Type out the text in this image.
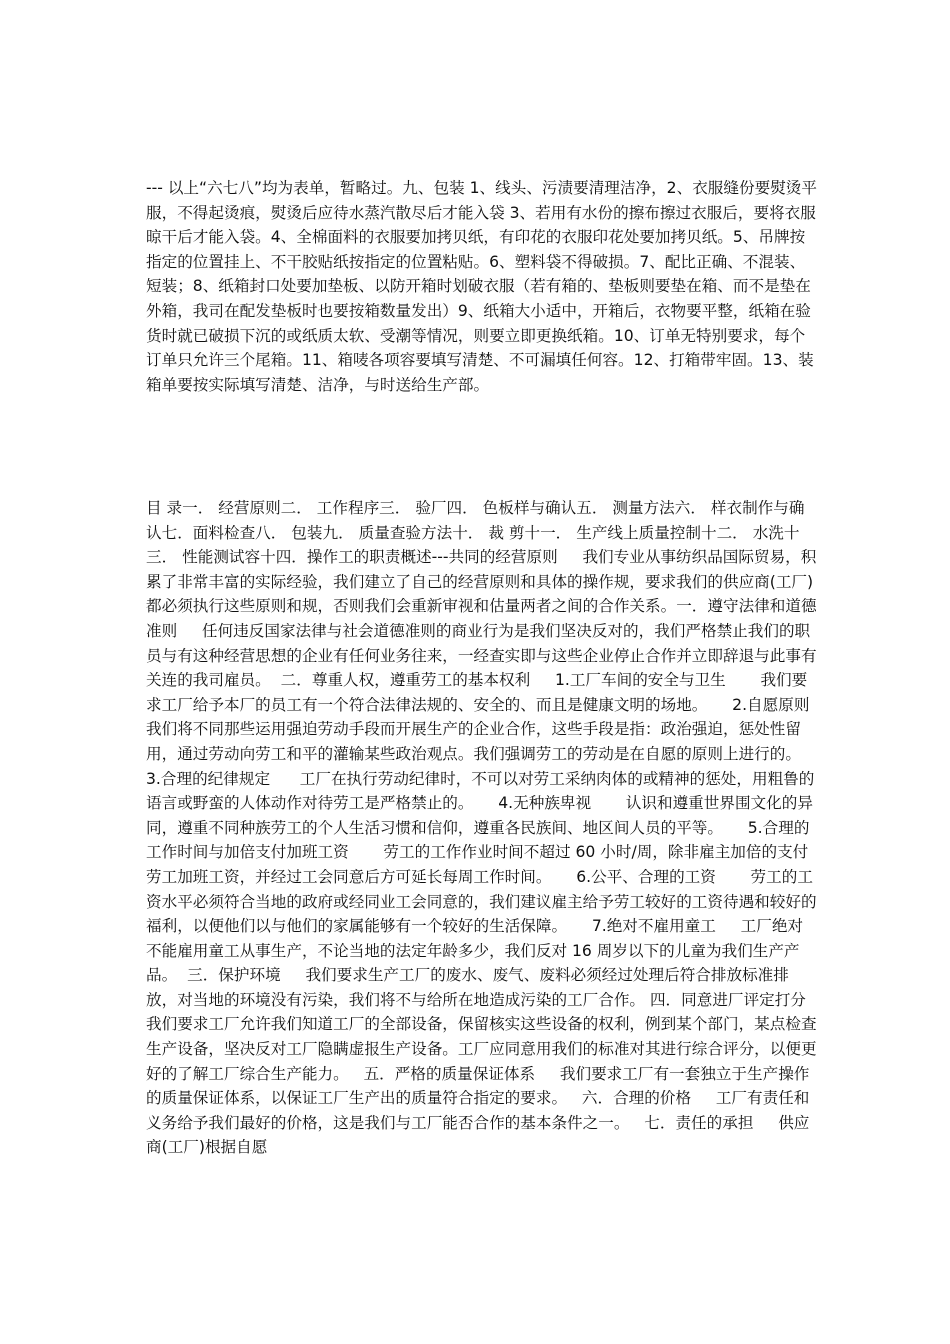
--- 以上“六七八”均为表单，暂略过。九、包装 1、线头、污渍要清理洁净，2、衣服缝份要熨烫平服，不得起烫痕，熨烫后应待水蒸汽散尽后才能入袋 3、若用有水份的擦布擦过衣服后，要将衣服晾干后才能入袋。4、全棉面料的衣服要加拷贝纸，有印花的衣服印花处要加拷贝纸。5、吊牌按指定的位置挂上、不干胶贴纸按指定的位置粘贴。6、塑料袋不得破损。7、配比正确、不混装、短装；8、纸箱封口处要加垫板、以防开箱时划破衣服（若有箱的、垫板则要垫在箱、而不是垫在外箱，我司在配发垫板时也要按箱数量发出）9、纸箱大小适中，开箱后，衣物要平整，纸箱在验货时就已破损下沉的或纸质太软、受潮等情况，则要立即更换纸箱。10、订单无特别要求，每个订单只允许三个尾箱。11、箱唛各项容要填写清楚、不可漏填任何容。12、打箱带牢固。13、装箱单要按实际填写清楚、洁净，与时送给生产部。

目 录一． 经营原则二． 工作程序三． 验厂四． 色板样与确认五． 测量方法六． 样衣制作与确认七．面料检查八． 包装九． 质量查验方法十． 裁 剪十一． 生产线上质量控制十二． 水洗十三． 性能测试容十四．操作工的职责概述---共同的经营原则     我们专业从事纺织品国际贸易，积累了非常丰富的实际经验，我们建立了自己的经营原则和具体的操作规，要求我们的供应商(工厂)都必须执行这些原则和规，否则我们会重新审视和估量两者之间的合作关系。一．遵守法律和道德准则     任何违反国家法律与社会道德准则的商业行为是我们坚决反对的，我们严格禁止我们的职员与有这种经营思想的企业有任何业务往来，一经查实即与这些企业停止合作并立即辞退与此事有关连的我司雇员。  二．尊重人权，遵重劳工的基本权利     1.工厂车间的安全与卫生       我们要求工厂给予本厂的员工有一个符合法律法规的、安全的、而且是健康文明的场地。     2.自愿原则        我们将不同那些运用强迫劳动手段而开展生产的企业合作，这些手段是指：政治强迫，惩处性留用，通过劳动向劳工和平的灌输某些政治观点。我们强调劳工的劳动是在自愿的原则上进行的。     3.合理的纪律规定      工厂在执行劳动纪律时，不可以对劳工采纳肉体的或精神的惩处，用粗鲁的语言或野蛮的人体动作对待劳工是严格禁止的。     4.无种族卑视       认识和遵重世界围文化的异同，遵重不同种族劳工的个人生活习惯和信仰，遵重各民族间、地区间人员的平等。     5.合理的工作时间与加倍支付加班工资       劳工的工作作业时间不超过 60 小时/周，除非雇主加倍的支付劳工加班工资，并经过工会同意后方可延长每周工作时间。     6.公平、合理的工资       劳工的工资水平必须符合当地的政府或经同业工会同意的，我们建议雇主给予劳工较好的工资待遇和较好的福利，以便他们以与他们的家属能够有一个较好的生活保障。     7.绝对不雇用童工     工厂绝对不能雇用童工从事生产，不论当地的法定年龄多少，我们反对 16 周岁以下的儿童为我们生产产品。  三．保护环境     我们要求生产工厂的废水、废气、废料必须经过处理后符合排放标准排放，对当地的环境没有污染，我们将不与给所在地造成污染的工厂合作。 四．同意进厂评定打分   我们要求工厂允许我们知道工厂的全部设备，保留核实这些设备的权利，例到某个部门，某点检查生产设备，坚决反对工厂隐瞒虚报生产设备。工厂应同意用我们的标准对其进行综合评分，以便更好的了解工厂综合生产能力。   五．严格的质量保证体系     我们要求工厂有一套独立于生产操作的质量保证体系，以保证工厂生产出的质量符合指定的要求。   六．合理的价格     工厂有责任和义务给予我们最好的价格，这是我们与工厂能否合作的基本条件之一。   七．责任的承担     供应商(工厂)根据自愿
